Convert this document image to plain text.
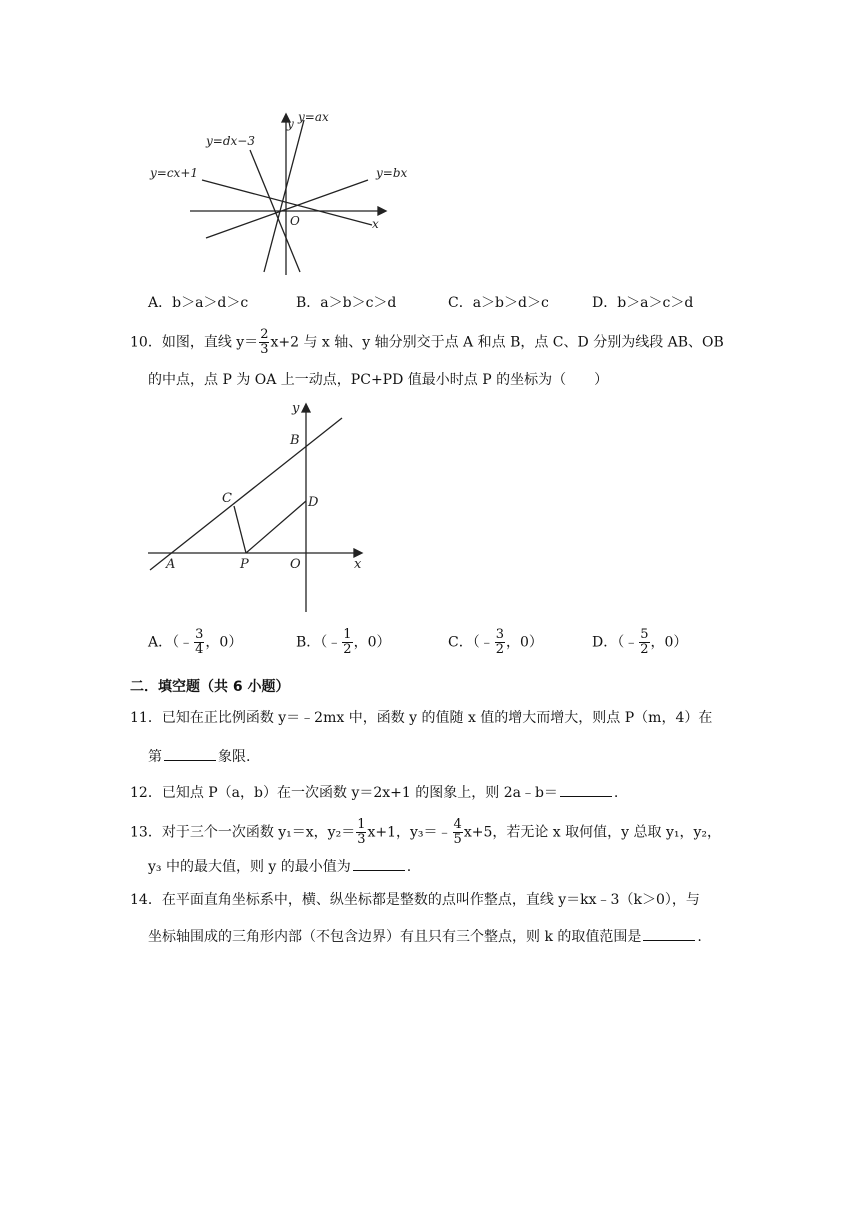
y=ax
y=dx−3
y=cx+1	y=bx
y
x
O
A．b＞a＞d＞c	B．a＞b＞c＞d	C．a＞b＞d＞c	D．b＞a＞c＞d
10．如图，直线 $y= \frac{2}{3} x+2$ 与 x 轴、y 轴分别交于点 A 和点 B，点 C、D 分别为线段 AB、OB
的中点，点 P 为 OA 上一动点，PC+PD 值最小时点 P 的坐标为（　　）
y
B
C	D
A	P	O	x
A．（﹣ $\frac{3}{4}$ ，0）	B．（﹣ $\frac{1}{2}$ ，0）	C．（﹣ $\frac{3}{2}$ ，0）	D．（﹣ $\frac{5}{2}$ ，0）
二．填空题（共 6 小题）
11．已知在正比例函数 y＝﹣2mx 中，函数 y 的值随 x 值的增大而增大，则点 P（m，4）在
第	象限.
12．已知点 P（a，b）在一次函数 y＝2x+1 的图象上，则 2a﹣b＝	.
13．对于三个一次函数 y₁＝x，$y_2= \frac{1}{3} x+1$，y₃＝﹣ $\frac{4}{5} x+5$，若无论 x 取何值，y 总取 y₁，y₂，
y₃ 中的最大值，则 y 的最小值为	.
14．在平面直角坐标系中，横、纵坐标都是整数的点叫作整点，直线 y＝kx﹣3（k＞0），与
坐标轴围成的三角形内部（不包含边界）有且只有三个整点，则 k 的取值范围是	.
